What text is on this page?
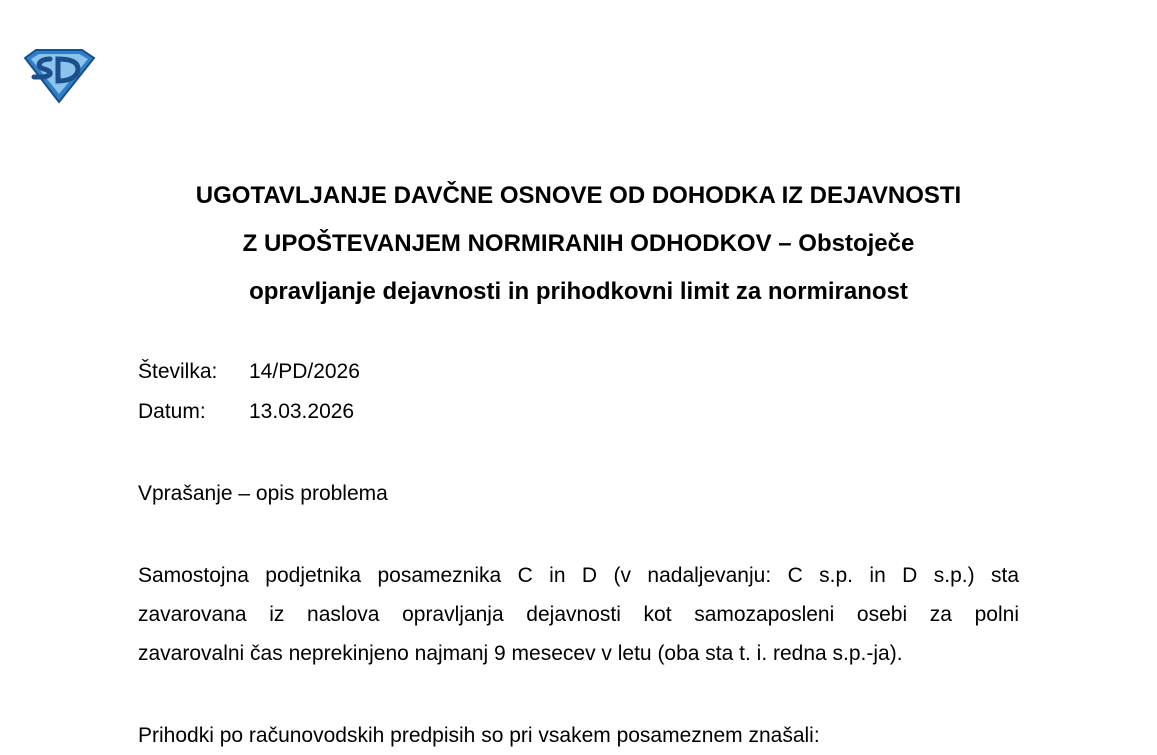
UGOTAVLJANJE DAVČNE OSNOVE OD DOHODKA IZ DEJAVNOSTI
Z UPOŠTEVANJEM NORMIRANIH ODHODKOV – Obstoječe
opravljanje dejavnosti in prihodkovni limit za normiranost
Številka: 14/PD/2026
Datum: 13.03.2026
Vprašanje – opis problema
Samostojna podjetnika posameznika C in D (v nadaljevanju: C s.p. in D s.p.) sta
zavarovana iz naslova opravljanja dejavnosti kot samozaposleni osebi za polni
zavarovalni čas neprekinjeno najmanj 9 mesecev v letu (oba sta t. i. redna s.p.-ja).
Prihodki po računovodskih predpisih so pri vsakem posameznem znašali:
